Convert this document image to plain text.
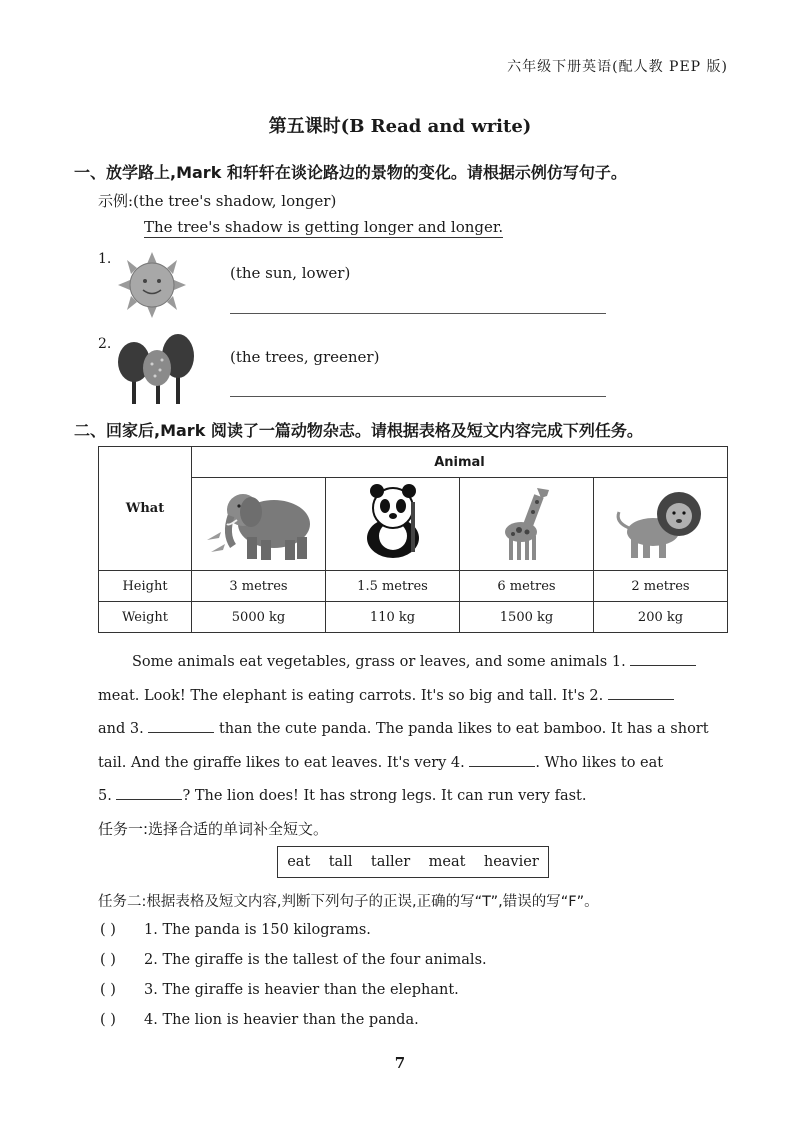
六年级下册英语(配人教 PEP 版)
第五课时(B Read and write)
一、放学路上,Mark 和轩轩在谈论路边的景物的变化。请根据示例仿写句子。
示例:(the tree's shadow, longer)
The tree's shadow is getting longer and longer.
1.
(the sun, lower)
2.
(the trees, greener)
二、回家后,Mark 阅读了一篇动物杂志。请根据表格及短文内容完成下列任务。
What	Animal			

Height	3 metres	1.5 metres	6 metres	2 metres
Weight	5000 kg	110 kg	1500 kg	200 kg
Some animals eat vegetables, grass or leaves, and some animals 1.
meat. Look! The elephant is eating carrots. It's so big and tall. It's 2.
and 3.	than the cute panda. The panda likes to eat bamboo. It has a short
tail. And the giraffe likes to eat leaves. It's very 4.	. Who likes to eat
5.	? The lion does! It has strong legs. It can run very fast.
任务一:选择合适的单词补全短文。
eat tall taller meat heavier
任务二:根据表格及短文内容,判断下列句子的正误,正确的写“T”,错误的写“F”。
( ) 1. The panda is 150 kilograms.
( ) 2. The giraffe is the tallest of the four animals.
( ) 3. The giraffe is heavier than the elephant.
( ) 4. The lion is heavier than the panda.
7
